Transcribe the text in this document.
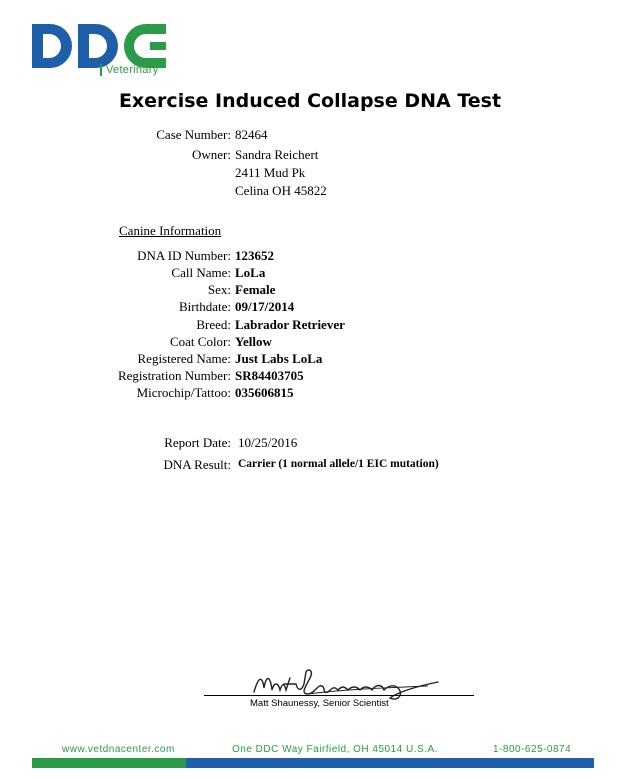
Veterinary
Exercise Induced Collapse DNA Test
Case Number: 82464
Owner: Sandra Reichert
2411 Mud Pk
Celina OH 45822
Canine Information
DNA ID Number: 123652
Call Name: LoLa
Sex: Female
Birthdate: 09/17/2014
Breed: Labrador Retriever
Coat Color: Yellow
Registered Name: Just Labs LoLa
Registration Number: SR84403705
Microchip/Tattoo: 035606815
Report Date: 10/25/2016
DNA Result: Carrier (1 normal allele/1 EIC mutation)
Matt Shaunessy, Senior Scientist
www.vetdnacenter.com	One DDC Way Fairfield, OH 45014 U.S.A.	1-800-625-0874
